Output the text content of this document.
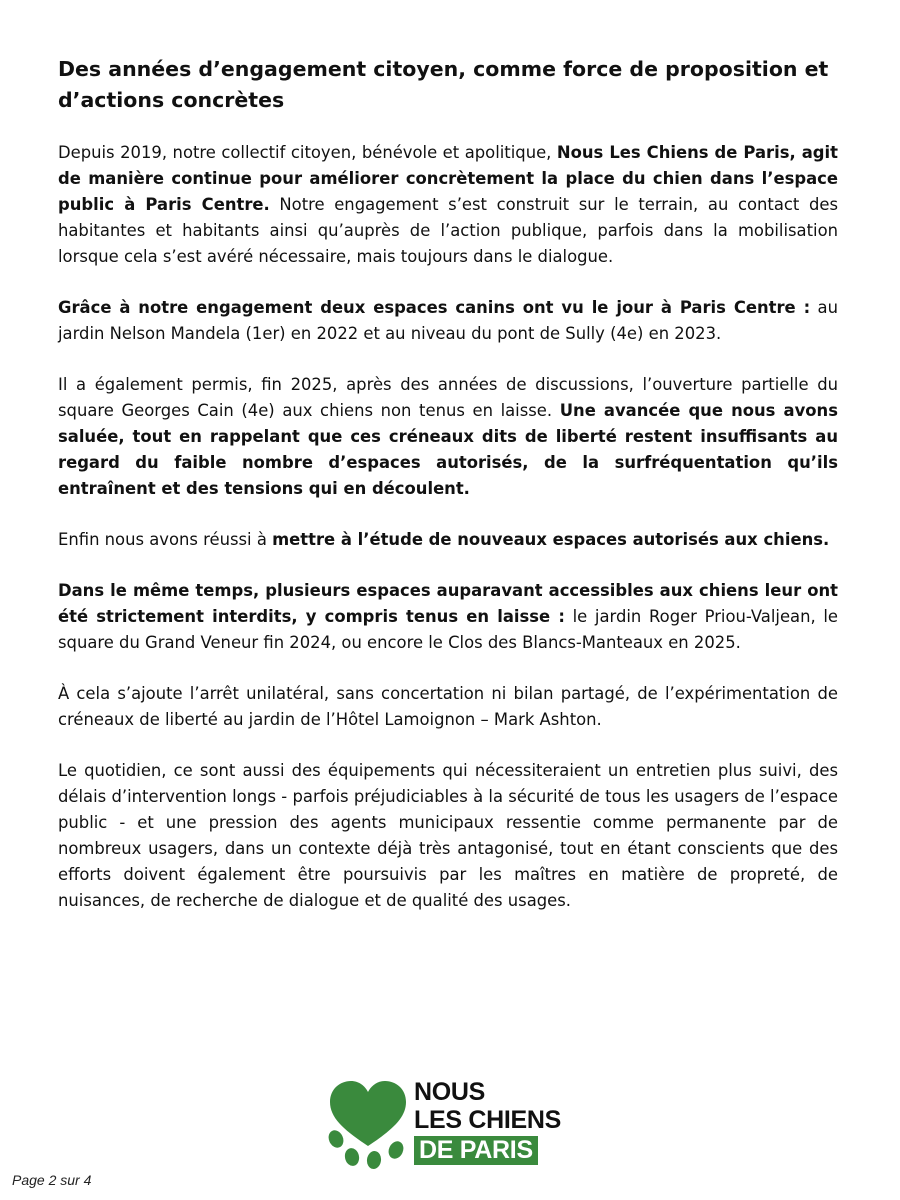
Des années d’engagement citoyen, comme force de proposition et d’actions concrètes

Depuis 2019, notre collectif citoyen, bénévole et apolitique, Nous Les Chiens de Paris, agit de manière continue pour améliorer concrètement la place du chien dans l’espace public à Paris Centre. Notre engagement s’est construit sur le terrain, au contact des habitantes et habitants ainsi qu’auprès de l’action publique, parfois dans la mobilisation lorsque cela s’est avéré nécessaire, mais toujours dans le dialogue.

Grâce à notre engagement deux espaces canins ont vu le jour à Paris Centre : au jardin Nelson Mandela (1er) en 2022 et au niveau du pont de Sully (4e) en 2023.

Il a également permis, fin 2025, après des années de discussions, l’ouverture partielle du square Georges Cain (4e) aux chiens non tenus en laisse. Une avancée que nous avons saluée, tout en rappelant que ces créneaux dits de liberté restent insuffisants au regard du faible nombre d’espaces autorisés, de la surfréquentation qu’ils entraînent et des tensions qui en découlent.

Enfin nous avons réussi à mettre à l’étude de nouveaux espaces autorisés aux chiens.

Dans le même temps, plusieurs espaces auparavant accessibles aux chiens leur ont été strictement interdits, y compris tenus en laisse : le jardin Roger Priou-Valjean, le square du Grand Veneur fin 2024, ou encore le Clos des Blancs-Manteaux en 2025.

À cela s’ajoute l’arrêt unilatéral, sans concertation ni bilan partagé, de l’expérimentation de créneaux de liberté au jardin de l’Hôtel Lamoignon – Mark Ashton.

Le quotidien, ce sont aussi des équipements qui nécessiteraient un entretien plus suivi, des délais d’intervention longs - parfois préjudiciables à la sécurité de tous les usagers de l’espace public - et une pression des agents municipaux ressentie comme permanente par de nombreux usagers, dans un contexte déjà très antagonisé, tout en étant conscients que des efforts doivent également être poursuivis par les maîtres en matière de propreté, de nuisances, de recherche de dialogue et de qualité des usages.

NOUS
LES CHIENS
DE PARIS
Page 2 sur 4
